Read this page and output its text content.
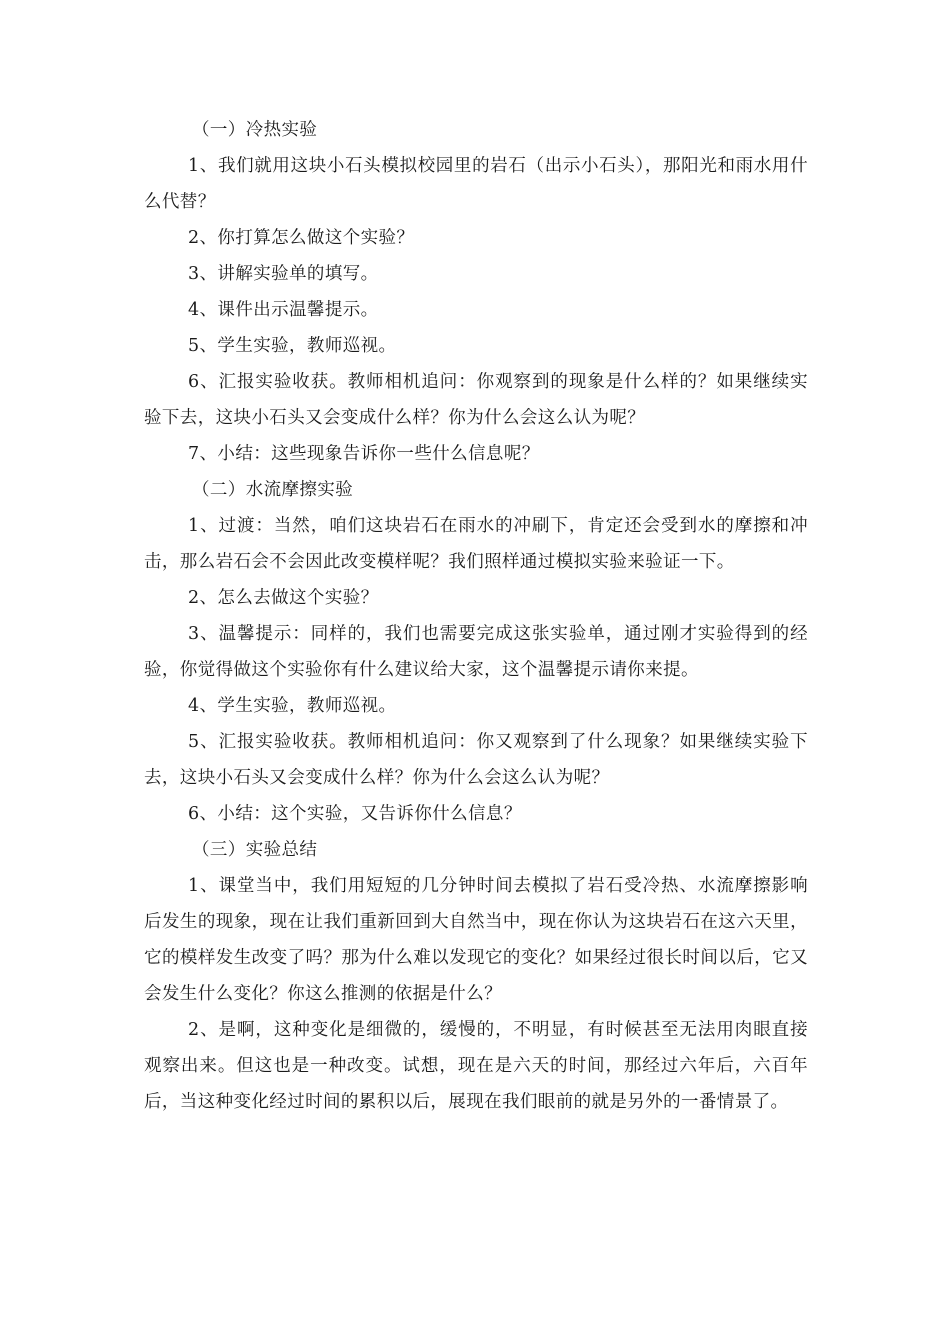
（一）冷热实验

1、我们就用这块小石头模拟校园里的岩石（出示小石头），那阳光和雨水用什么代替？

2、你打算怎么做这个实验？

3、讲解实验单的填写。

4、课件出示温馨提示。

5、学生实验，教师巡视。

6、汇报实验收获。教师相机追问：你观察到的现象是什么样的？如果继续实验下去，这块小石头又会变成什么样？你为什么会这么认为呢？

7、小结：这些现象告诉你一些什么信息呢？

（二）水流摩擦实验

1、过渡：当然，咱们这块岩石在雨水的冲刷下，肯定还会受到水的摩擦和冲击，那么岩石会不会因此改变模样呢？我们照样通过模拟实验来验证一下。

2、怎么去做这个实验？

3、温馨提示：同样的，我们也需要完成这张实验单，通过刚才实验得到的经验，你觉得做这个实验你有什么建议给大家，这个温馨提示请你来提。

4、学生实验，教师巡视。

5、汇报实验收获。教师相机追问：你又观察到了什么现象？如果继续实验下去，这块小石头又会变成什么样？你为什么会这么认为呢？

6、小结：这个实验，又告诉你什么信息？

（三）实验总结

1、课堂当中，我们用短短的几分钟时间去模拟了岩石受冷热、水流摩擦影响后发生的现象，现在让我们重新回到大自然当中，现在你认为这块岩石在这六天里，它的模样发生改变了吗？那为什么难以发现它的变化？如果经过很长时间以后，它又会发生什么变化？你这么推测的依据是什么？

2、是啊，这种变化是细微的，缓慢的，不明显，有时候甚至无法用肉眼直接观察出来。但这也是一种改变。试想，现在是六天的时间，那经过六年后，六百年后，当这种变化经过时间的累积以后，展现在我们眼前的就是另外的一番情景了。
